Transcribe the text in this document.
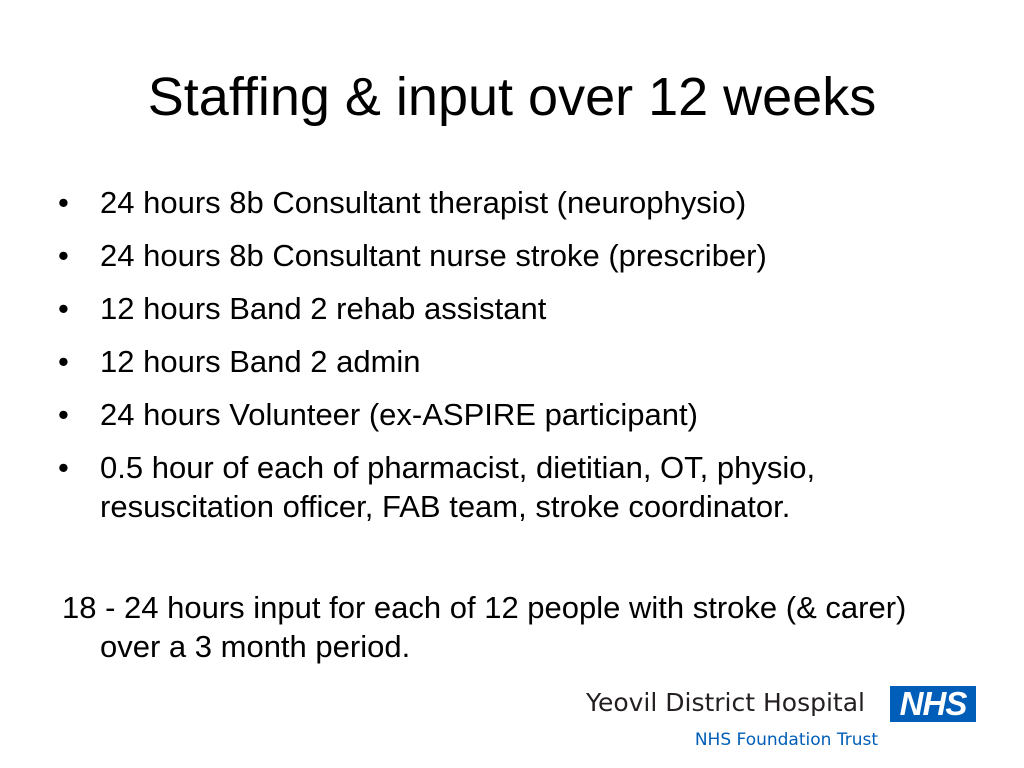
Staffing & input over 12 weeks
•	24 hours 8b Consultant therapist (neurophysio)
•	24 hours 8b Consultant nurse stroke (prescriber)
•	12 hours Band 2 rehab assistant
•	12 hours Band 2 admin
•	24 hours Volunteer (ex-ASPIRE participant)
•	0.5 hour of each of pharmacist, dietitian, OT, physio, resuscitation officer, FAB team, stroke coordinator.

18 - 24 hours input for each of 12 people with stroke (& carer) over a 3 month period.

Yeovil District Hospital NHS
NHS Foundation Trust
